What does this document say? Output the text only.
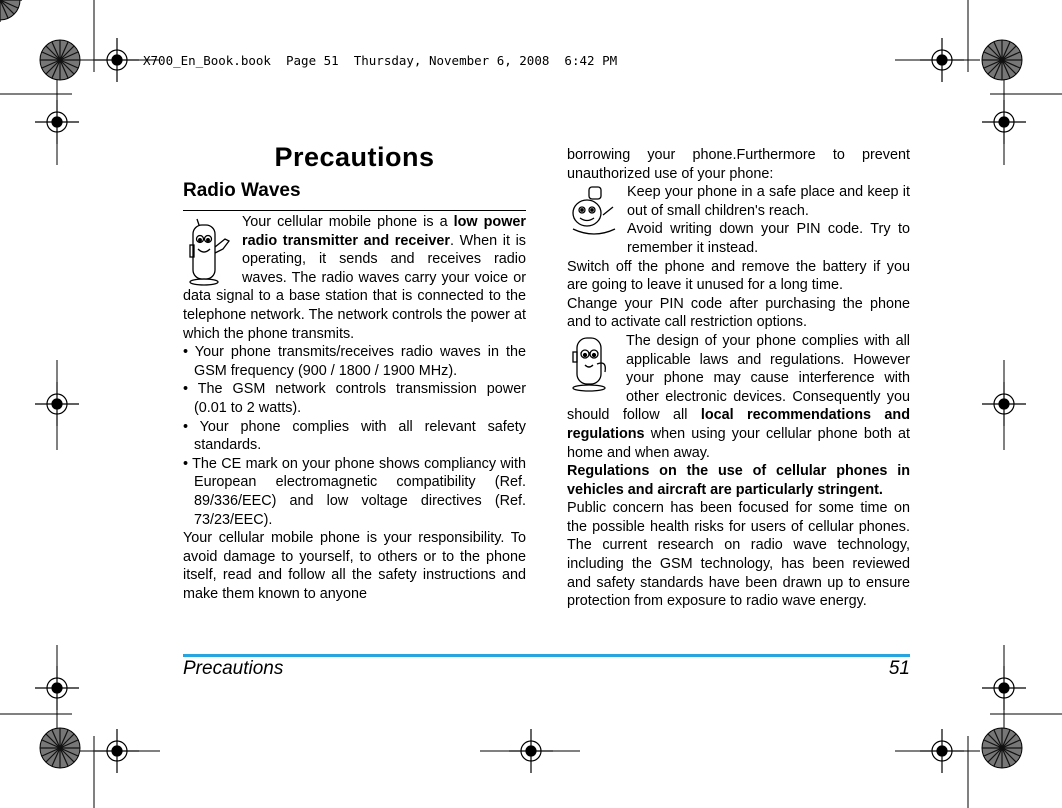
X700_En_Book.book  Page 51  Thursday, November 6, 2008  6:42 PM
Precautions
Radio Waves

Your cellular mobile phone is a low power radio transmitter and receiver. When it is operating, it sends and receives radio waves. The radio waves carry your voice or data signal to a base station that is connected to the telephone network. The network controls the power at which the phone transmits.

• Your phone transmits/receives radio waves in the GSM frequency (900 / 1800 / 1900 MHz).

• The GSM network controls transmission power (0.01 to 2 watts).

• Your phone complies with all relevant safety standards.

• The CE mark on your phone shows compliancy with European electromagnetic compatibility (Ref. 89/336/EEC) and low voltage directives (Ref. 73/23/EEC).

Your cellular mobile phone is your responsibility. To avoid damage to yourself, to others or to the phone itself, read and follow all the safety instructions and make them known to anyone

borrowing your phone.Furthermore to prevent unauthorized use of your phone:

Keep your phone in a safe place and keep it out of small children's reach.

Avoid writing down your PIN code. Try to remember it instead.

Switch off the phone and remove the battery if you are going to leave it unused for a long time.

Change your PIN code after purchasing the phone and to activate call restriction options.

The design of your phone complies with all applicable laws and regulations. However your phone may cause interference with other electronic devices. Consequently you should follow all local recommendations and regulations when using your cellular phone both at home and when away.

Regulations on the use of cellular phones in vehicles and aircraft are particularly stringent.

Public concern has been focused for some time on the possible health risks for users of cellular phones. The current research on radio wave technology, including the GSM technology, has been reviewed and safety standards have been drawn up to ensure protection from exposure to radio wave energy.

Precautions	51
